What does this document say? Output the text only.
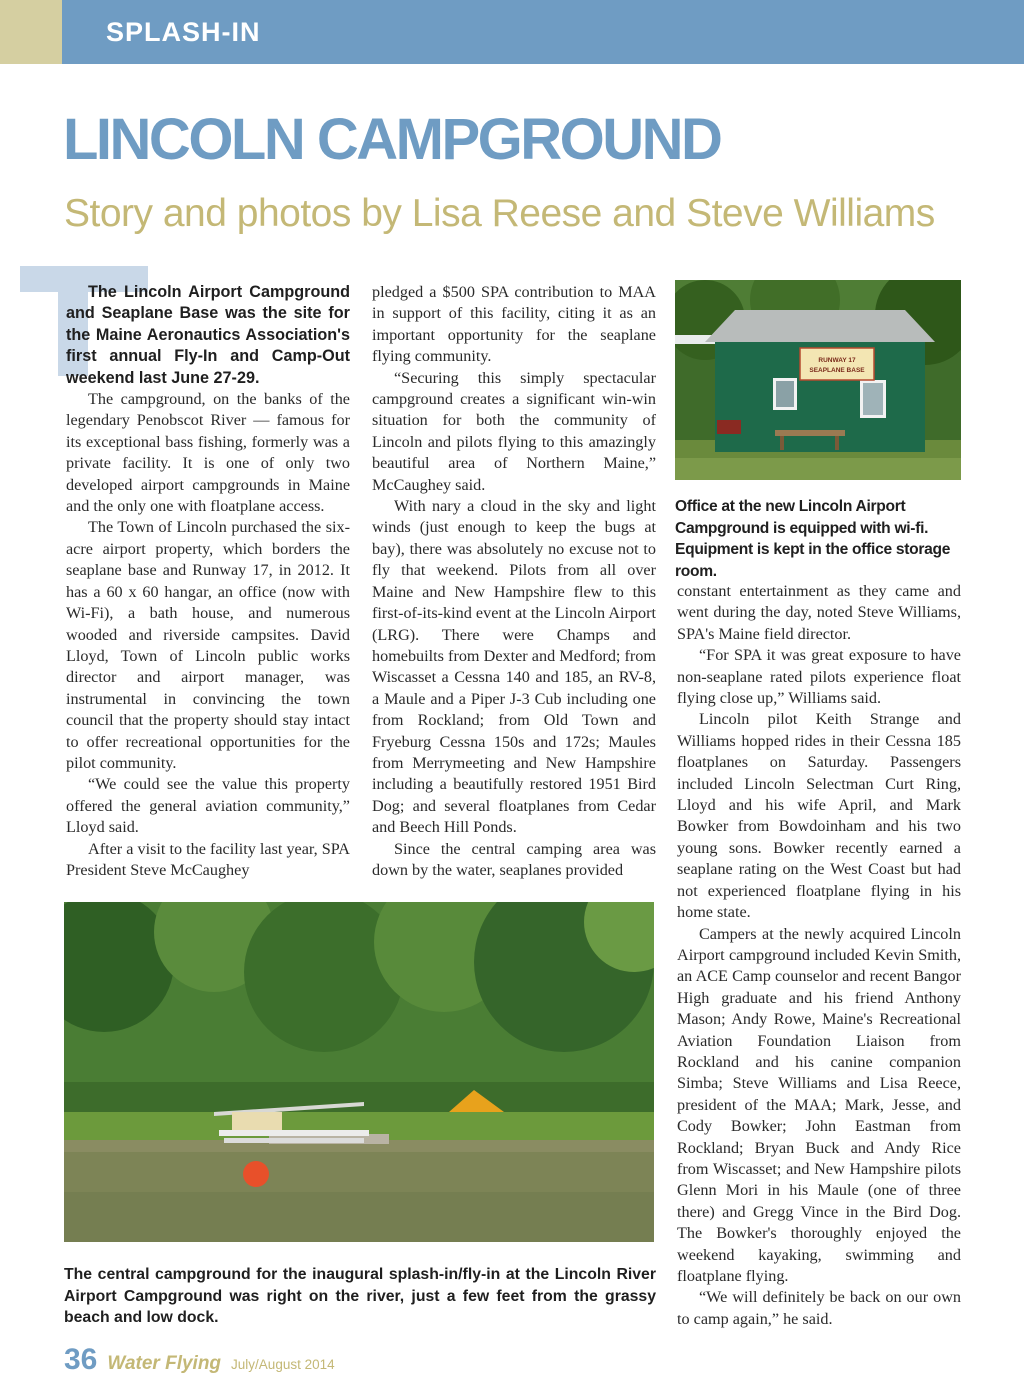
SPLASH-IN
LINCOLN CAMPGROUND
Story and photos by Lisa Reese and Steve Williams

The Lincoln Airport Campground and Seaplane Base was the site for the Maine Aeronautics Association's first annual Fly-In and Camp-Out weekend last June 27-29.

The campground, on the banks of the legendary Penobscot River — famous for its exceptional bass fishing, formerly was a private facility. It is one of only two developed airport campgrounds in Maine and the only one with floatplane access.

The Town of Lincoln purchased the six-acre airport property, which borders the seaplane base and Runway 17, in 2012. It has a 60 x 60 hangar, an office (now with Wi-Fi), a bath house, and numerous wooded and riverside campsites. David Lloyd, Town of Lincoln public works director and airport manager, was instrumental in convincing the town council that the property should stay intact to offer recreational opportunities for the pilot community.

“We could see the value this property offered the general aviation community,” Lloyd said.

After a visit to the facility last year, SPA President Steve McCaughey

pledged a $500 SPA contribution to MAA in support of this facility, citing it as an important opportunity for the seaplane flying community.

“Securing this simply spectacular campground creates a significant win-win situation for both the community of Lincoln and pilots flying to this amazingly beautiful area of Northern Maine,” McCaughey said.

With nary a cloud in the sky and light winds (just enough to keep the bugs at bay), there was absolutely no excuse not to fly that weekend. Pilots from all over Maine and New Hampshire flew to this first-of-its-kind event at the Lincoln Airport (LRG). There were Champs and homebuilts from Dexter and Medford; from Wiscasset a Cessna 140 and 185, an RV-8, a Maule and a Piper J-3 Cub including one from Rockland; from Old Town and Fryeburg Cessna 150s and 172s; Maules from Merrymeeting and New Hampshire including a beautifully restored 1951 Bird Dog; and several floatplanes from Cedar and Beech Hill Ponds.

Since the central camping area was down by the water, seaplanes provided

RUNWAY 17
SEAPLANE BASE
Office at the new Lincoln Airport Campground is equipped with wi-fi. Equipment is kept in the office storage room.

constant entertainment as they came and went during the day, noted Steve Williams, SPA's Maine field director.

“For SPA it was great exposure to have non-seaplane rated pilots experience float flying close up,” Williams said.

Lincoln pilot Keith Strange and Williams hopped rides in their Cessna 185 floatplanes on Saturday. Passengers included Lincoln Selectman Curt Ring, Lloyd and his wife April, and Mark Bowker from Bowdoinham and his two young sons. Bowker recently earned a seaplane rating on the West Coast but had not experienced floatplane flying in his home state.

Campers at the newly acquired Lincoln Airport campground included Kevin Smith, an ACE Camp counselor and recent Bangor High graduate and his friend Anthony Mason; Andy Rowe, Maine's Recreational Aviation Foundation Liaison from Rockland and his canine companion Simba; Steve Williams and Lisa Reece, president of the MAA; Mark, Jesse, and Cody Bowker; John Eastman from Rockland; Bryan Buck and Andy Rice from Wiscasset; and New Hampshire pilots Glenn Mori in his Maule (one of three there) and Gregg Vince in the Bird Dog. The Bowker's thoroughly enjoyed the weekend kayaking, swimming and floatplane flying.

“We will definitely be back on our own to camp again,” he said.

The central campground for the inaugural splash-in/fly-in at the Lincoln River Airport Campground was right on the river, just a few feet from the grassy beach and low dock.
36 Water Flying July/August 2014
